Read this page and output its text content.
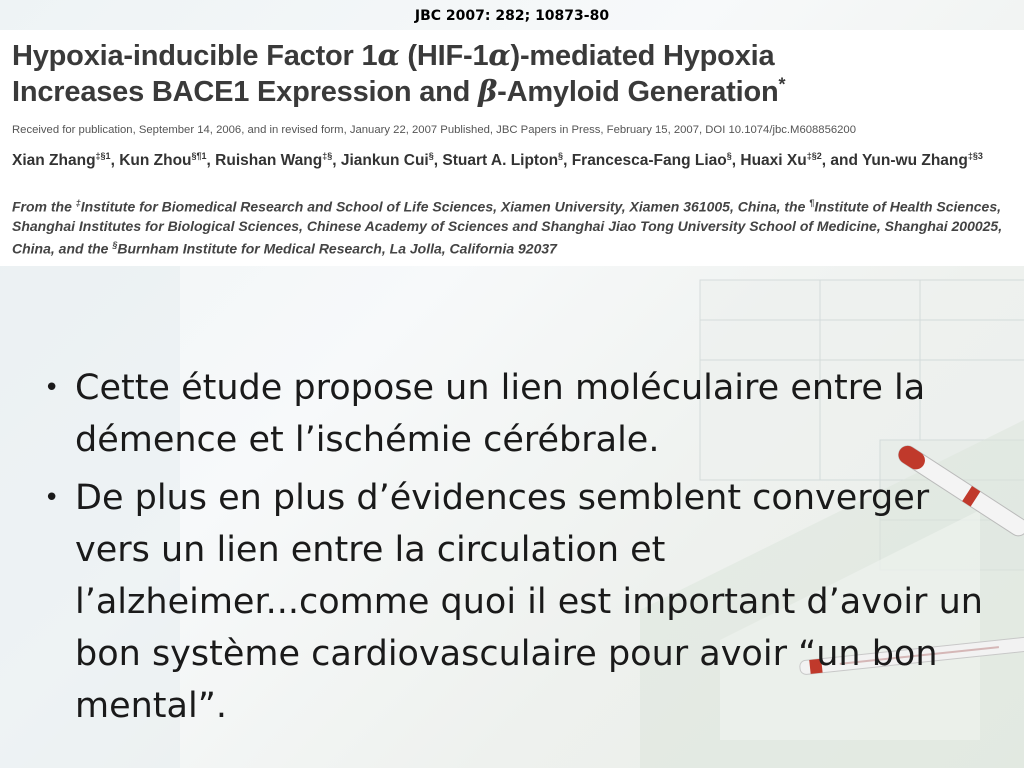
JBC 2007: 282; 10873-80
Hypoxia-inducible Factor 1α (HIF-1α)-mediated Hypoxia
Increases BACE1 Expression and β-Amyloid Generation*
Received for publication, September 14, 2006, and in revised form, January 22, 2007 Published, JBC Papers in Press, February 15, 2007, DOI 10.1074/jbc.M608856200
Xian Zhang$^{\ddagger\S 1}$, Kun Zhou$^{\S\P 1}$, Ruishan Wang‡§, Jiankun Cui§, Stuart A. Lipton§, Francesca-Fang Liao§, Huaxi Xu$^{\ddagger\S 2}$, and Yun-wu Zhang$^{\ddagger\S 3}$
From the ‡Institute for Biomedical Research and School of Life Sciences, Xiamen University, Xiamen 361005, China, the ¶Institute of Health Sciences, Shanghai Institutes for Biological Sciences, Chinese Academy of Sciences and Shanghai Jiao Tong University School of Medicine, Shanghai 200025, China, and the §Burnham Institute for Medical Research, La Jolla, California 92037
• Cette étude propose un lien moléculaire entre la démence et l’ischémie cérébrale.
• De plus en plus d’évidences semblent converger vers un lien entre la circulation et l’alzheimer...comme quoi il est important d’avoir un bon système cardiovasculaire pour avoir “un bon mental”.
